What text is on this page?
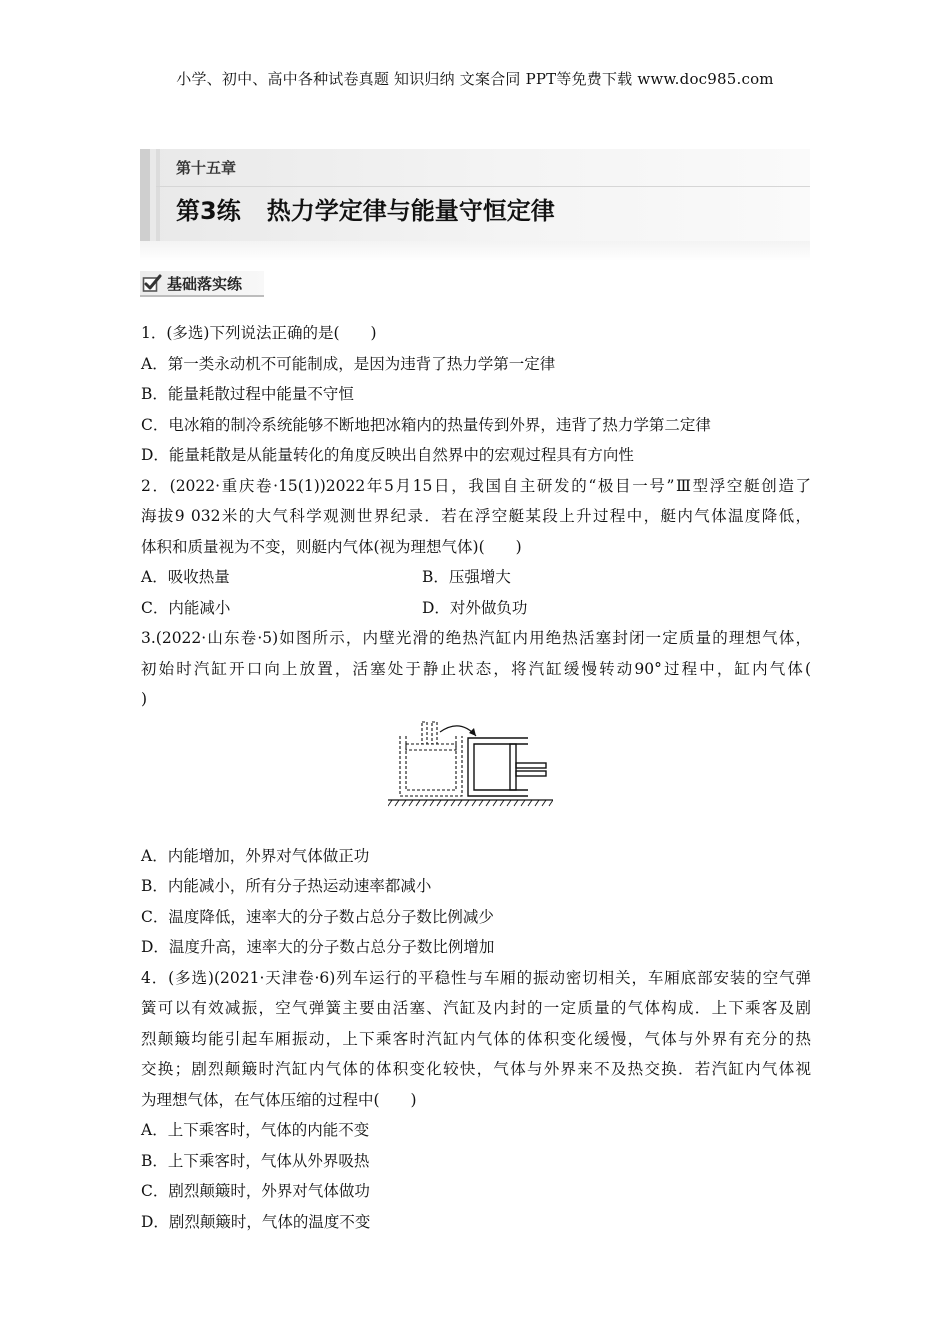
小学、初中、高中各种试卷真题 知识归纳 文案合同 PPT等免费下载 www.doc985.com
第十五章
第3练 热力学定律与能量守恒定律
基础落实练
1．(多选)下列说法正确的是(　　)
A．第一类永动机不可能制成，是因为违背了热力学第一定律
B．能量耗散过程中能量不守恒
C．电冰箱的制冷系统能够不断地把冰箱内的热量传到外界，违背了热力学第二定律
D．能量耗散是从能量转化的角度反映出自然界中的宏观过程具有方向性
2．(2022·重庆卷·15(1))2022年5月15日，我国自主研发的“极目一号”Ⅲ型浮空艇创造了
海拔9 032米的大气科学观测世界纪录．若在浮空艇某段上升过程中，艇内气体温度降低，
体积和质量视为不变，则艇内气体(视为理想气体)(　　)
A．吸收热量	B．压强增大
C．内能减小	D．对外做负功
3.(2022·山东卷·5)如图所示，内壁光滑的绝热汽缸内用绝热活塞封闭一定质量的理想气体，
初始时汽缸开口向上放置，活塞处于静止状态，将汽缸缓慢转动90°过程中，缸内气体(
)
A．内能增加，外界对气体做正功
B．内能减小，所有分子热运动速率都减小
C．温度降低，速率大的分子数占总分子数比例减少
D．温度升高，速率大的分子数占总分子数比例增加
4．(多选)(2021·天津卷·6)列车运行的平稳性与车厢的振动密切相关，车厢底部安装的空气弹
簧可以有效减振，空气弹簧主要由活塞、汽缸及内封的一定质量的气体构成．上下乘客及剧
烈颠簸均能引起车厢振动，上下乘客时汽缸内气体的体积变化缓慢，气体与外界有充分的热
交换；剧烈颠簸时汽缸内气体的体积变化较快，气体与外界来不及热交换．若汽缸内气体视
为理想气体，在气体压缩的过程中(　　)
A．上下乘客时，气体的内能不变
B．上下乘客时，气体从外界吸热
C．剧烈颠簸时，外界对气体做功
D．剧烈颠簸时，气体的温度不变
